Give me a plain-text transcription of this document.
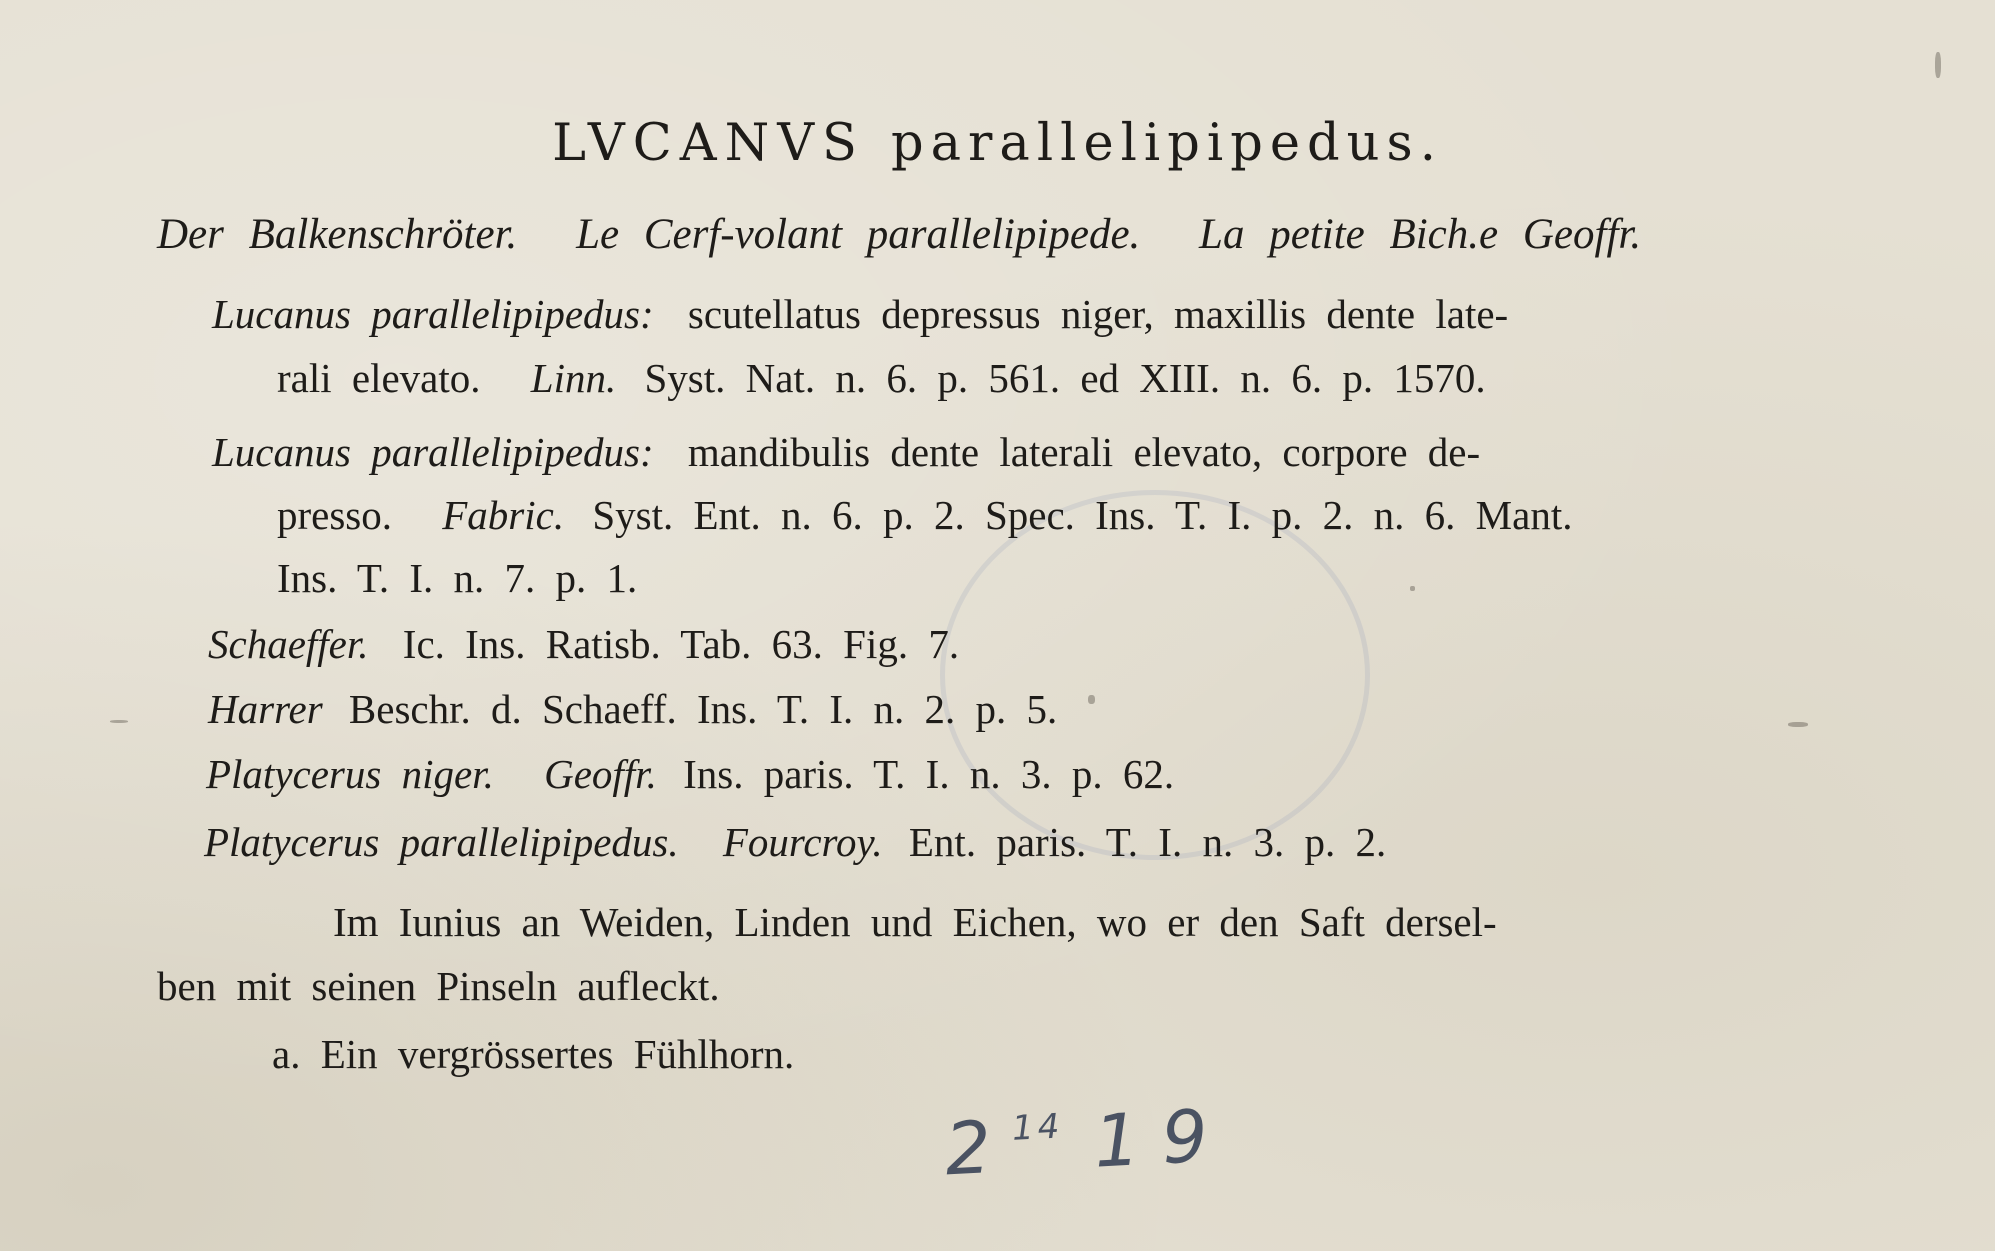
LVCANVS parallelipipedus.
Der Balkenschröter. Le Cerf-volant parallelipipede. La petite Bich.e Geoffr.
Lucanus parallelipipedus: scutellatus depressus niger, maxillis dente late-
rali elevato. Linn. Syst. Nat. n. 6. p. 561. ed XIII. n. 6. p. 1570.
Lucanus parallelipipedus: mandibulis dente laterali elevato, corpore de-
presso. Fabric. Syst. Ent. n. 6. p. 2. Spec. Ins. T. I. p. 2. n. 6. Mant.
Ins. T. I. n. 7. p. 1.
Schaeffer. Ic. Ins. Ratisb. Tab. 63. Fig. 7.
Harrer Beschr. d. Schaeff. Ins. T. I. n. 2. p. 5.
Platycerus niger. Geoffr. Ins. paris. T. I. n. 3. p. 62.
Platycerus parallelipipedus. Fourcroy. Ent. paris. T. I. n. 3. p. 2.
Im Iunius an Weiden, Linden und Eichen, wo er den Saft dersel-
ben mit seinen Pinseln aufleckt.
a. Ein vergrössertes Fühlhorn.
$2^{14}$ 19
